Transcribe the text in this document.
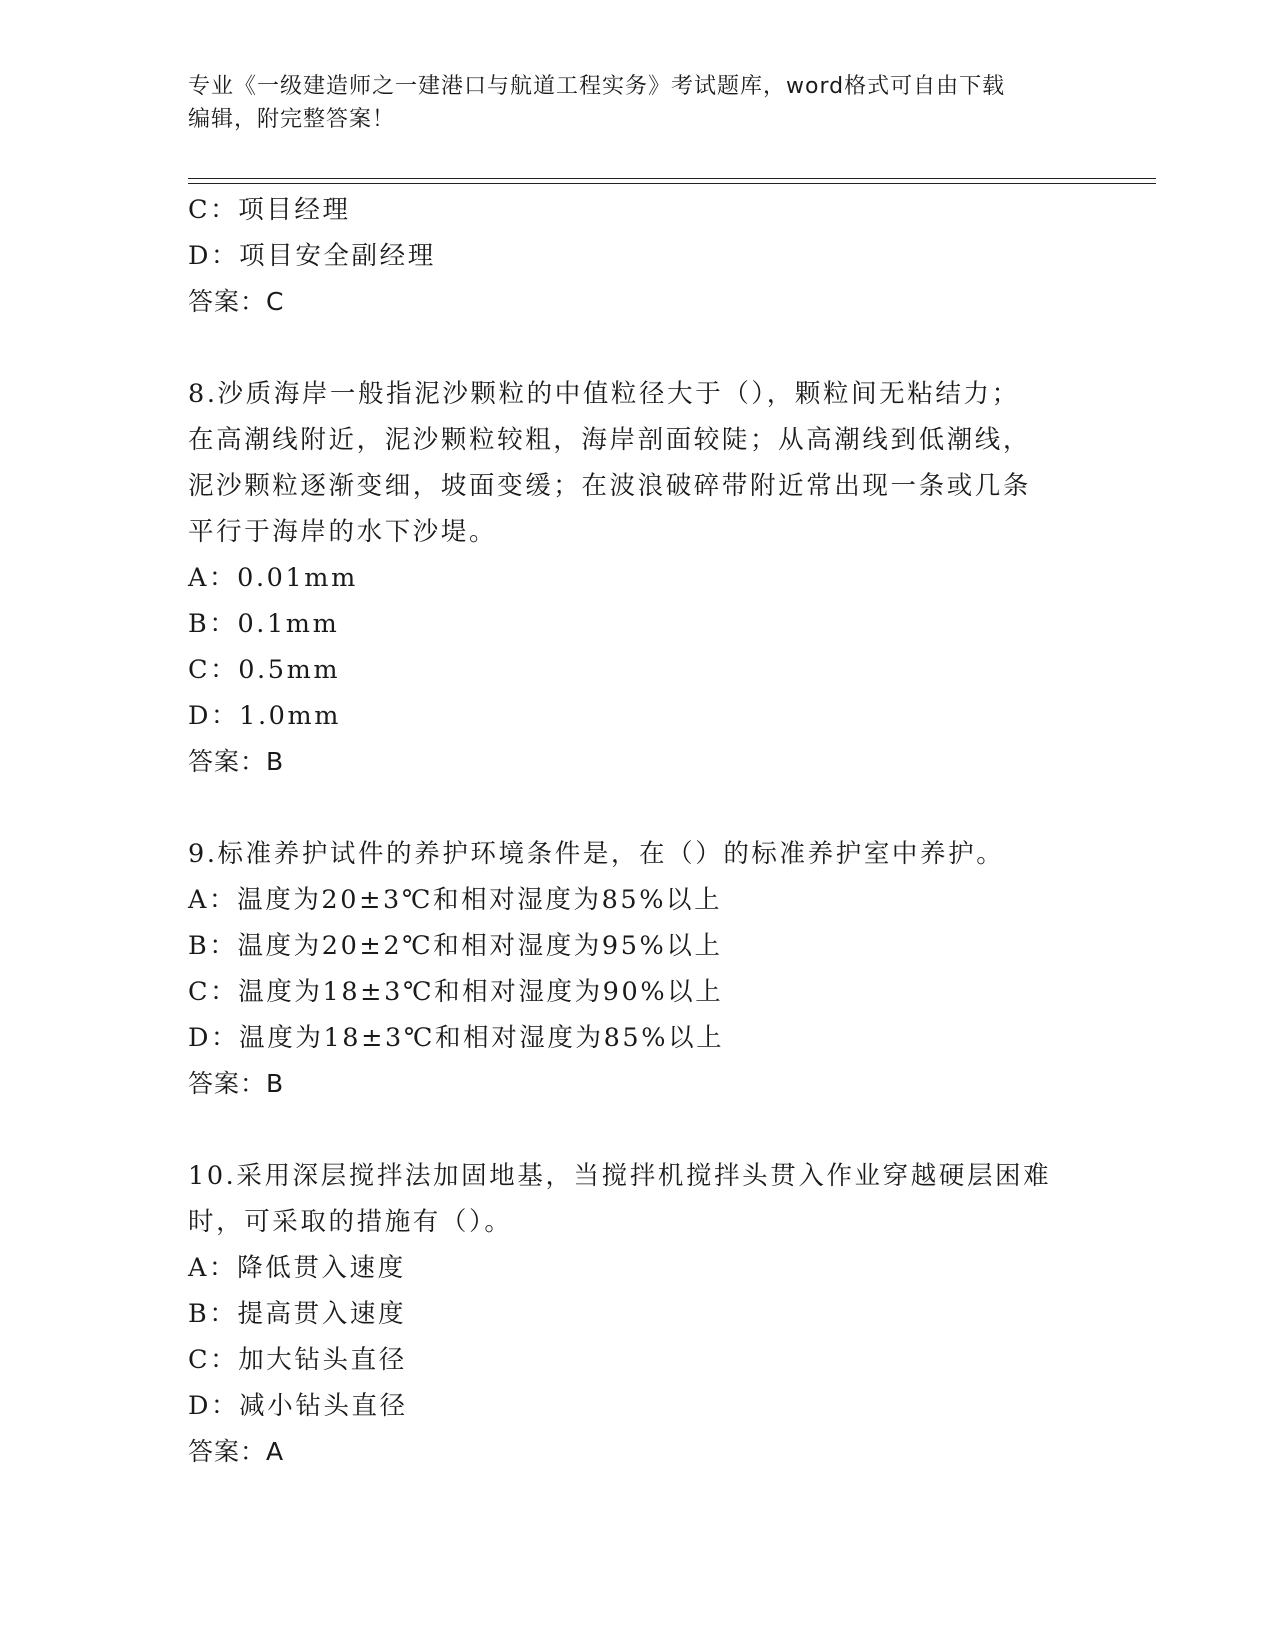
专业《一级建造师之一建港口与航道工程实务》考试题库，word格式可自由下载
编辑，附完整答案！
C：项目经理
D：项目安全副经理
答案：C
8.沙质海岸一般指泥沙颗粒的中值粒径大于（），颗粒间无粘结力；
在高潮线附近，泥沙颗粒较粗，海岸剖面较陡；从高潮线到低潮线，
泥沙颗粒逐渐变细，坡面变缓；在波浪破碎带附近常出现一条或几条
平行于海岸的水下沙堤。
A：0.01mm
B：0.1mm
C：0.5mm
D：1.0mm
答案：B
9.标准养护试件的养护环境条件是，在（）的标准养护室中养护。
A：温度为20±3℃和相对湿度为85%以上
B：温度为20±2℃和相对湿度为95%以上
C：温度为18±3℃和相对湿度为90%以上
D：温度为18±3℃和相对湿度为85%以上
答案：B
10.采用深层搅拌法加固地基，当搅拌机搅拌头贯入作业穿越硬层困难
时，可采取的措施有（）。
A：降低贯入速度
B：提高贯入速度
C：加大钻头直径
D：减小钻头直径
答案：A
